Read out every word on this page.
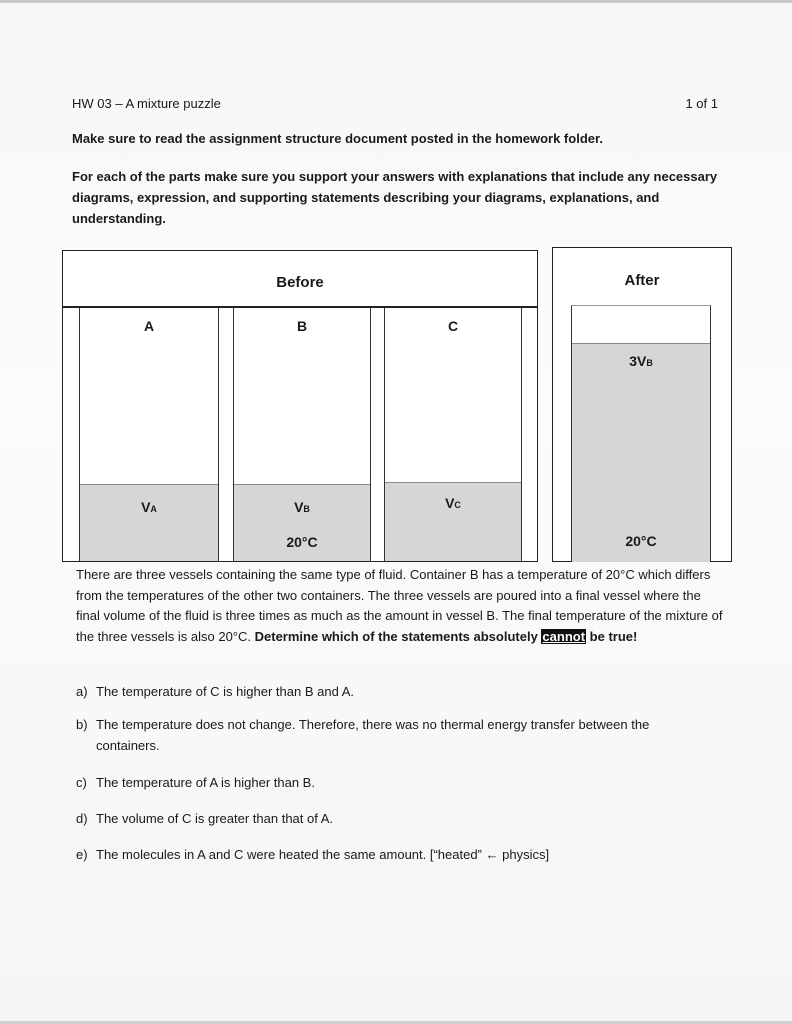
HW 03 – A mixture puzzle	1 of 1
Make sure to read the assignment structure document posted in the homework folder.
For each of the parts make sure you support your answers with explanations that include any necessary diagrams, expression, and supporting statements describing your diagrams, explanations, and understanding.
Before
A
VA
B
VB
20°C
C
VC
After
3VB
20°C
There are three vessels containing the same type of fluid. Container B has a temperature of 20°C which differs from the temperatures of the other two containers. The three vessels are poured into a final vessel where the final volume of the fluid is three times as much as the amount in vessel B. The final temperature of the mixture of the three vessels is also 20°C. Determine which of the statements absolutely cannot be true!
a) The temperature of C is higher than B and A.
b) The temperature does not change. Therefore, there was no thermal energy transfer between the containers.
c) The temperature of A is higher than B.
d) The volume of C is greater than that of A.
e) The molecules in A and C were heated the same amount. [“heated” ← physics]
